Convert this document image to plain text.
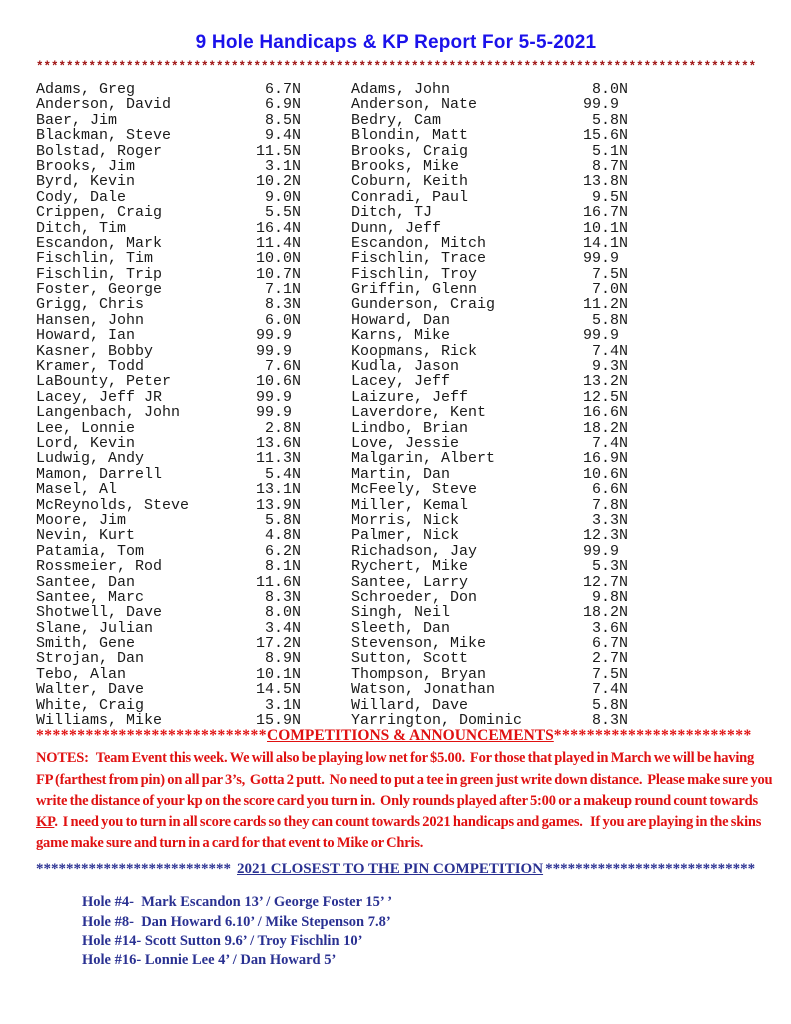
9 Hole Handicaps & KP Report For 5-5-2021
************************************************************************************************
Adams, Greg	6.7 N
Anderson, David	6.9 N
Baer, Jim	8.5 N
Blackman, Steve	9.4 N
Bolstad, Roger	11.5 N
Brooks, Jim	3.1 N
Byrd, Kevin	10.2 N
Cody, Dale	9.0 N
Crippen, Craig	5.5 N
Ditch, Tim	16.4 N
Escandon, Mark	11.4 N
Fischlin, Tim	10.0 N
Fischlin, Trip	10.7 N
Foster, George	7.1 N
Grigg, Chris	8.3 N
Hansen, John	6.0 N
Howard, Ian	99.9
Kasner, Bobby	99.9
Kramer, Todd	7.6 N
LaBounty, Peter	10.6 N
Lacey, Jeff JR	99.9
Langenbach, John	99.9
Lee, Lonnie	2.8 N
Lord, Kevin	13.6 N
Ludwig, Andy	11.3 N
Mamon, Darrell	5.4 N
Masel, Al	13.1 N
McReynolds, Steve	13.9 N
Moore, Jim	5.8 N
Nevin, Kurt	4.8 N
Patamia, Tom	6.2 N
Rossmeier, Rod	8.1 N
Santee, Dan	11.6 N
Santee, Marc	8.3 N
Shotwell, Dave	8.0 N
Slane, Julian	3.4 N
Smith, Gene	17.2 N
Strojan, Dan	8.9 N
Tebo, Alan	10.1 N
Walter, Dave	14.5 N
White, Craig	3.1 N
Williams, Mike	15.9 N
Adams, John	8.0 N
Anderson, Nate	99.9
Bedry, Cam	5.8 N
Blondin, Matt	15.6 N
Brooks, Craig	5.1 N
Brooks, Mike	8.7 N
Coburn, Keith	13.8 N
Conradi, Paul	9.5 N
Ditch, TJ	16.7 N
Dunn, Jeff	10.1 N
Escandon, Mitch	14.1 N
Fischlin, Trace	99.9
Fischlin, Troy	7.5 N
Griffin, Glenn	7.0 N
Gunderson, Craig	11.2 N
Howard, Dan	5.8 N
Karns, Mike	99.9
Koopmans, Rick	7.4 N
Kudla, Jason	9.3 N
Lacey, Jeff	13.2 N
Laizure, Jeff	12.5 N
Laverdore, Kent	16.6 N
Lindbo, Brian	18.2 N
Love, Jessie	7.4 N
Malgarin, Albert	16.9 N
Martin, Dan	10.6 N
McFeely, Steve	6.6 N
Miller, Kemal	7.8 N
Morris, Nick	3.3 N
Palmer, Nick	12.3 N
Richadson, Jay	99.9
Rychert, Mike	5.3 N
Santee, Larry	12.7 N
Schroeder, Don	9.8 N
Singh, Neil	18.2 N
Sleeth, Dan	3.6 N
Stevenson, Mike	6.7 N
Sutton, Scott	2.7 N
Thompson, Bryan	7.5 N
Watson, Jonathan	7.4 N
Willard, Dave	5.8 N
Yarrington, Dominic	8.3 N
****************************COMPETITIONS & ANNOUNCEMENTS************************
NOTES:   Team Event this week. We will also be playing low net for $5.00.  For those that played in March we will be having FP (farthest from pin) on all par 3’s,  Gotta 2 putt.  No need to put a tee in green just write down distance.  Please make sure you write the distance of your kp on the score card you turn in.  Only rounds played after 5:00 or a makeup round count towards KP.  I need you to turn in all score cards so they can count towards 2021 handicaps and games.   If you are playing in the skins game make sure and turn in a card for that event to Mike or Chris.
************************** 2021 CLOSEST TO THE PIN COMPETITION ****************************
Hole #4-  Mark Escandon 13’ / George Foster 15’ ’
Hole #8-  Dan Howard 6.10’ / Mike Stepenson 7.8’
Hole #14- Scott Sutton 9.6’ / Troy Fischlin 10’
Hole #16- Lonnie Lee 4’ / Dan Howard 5’
